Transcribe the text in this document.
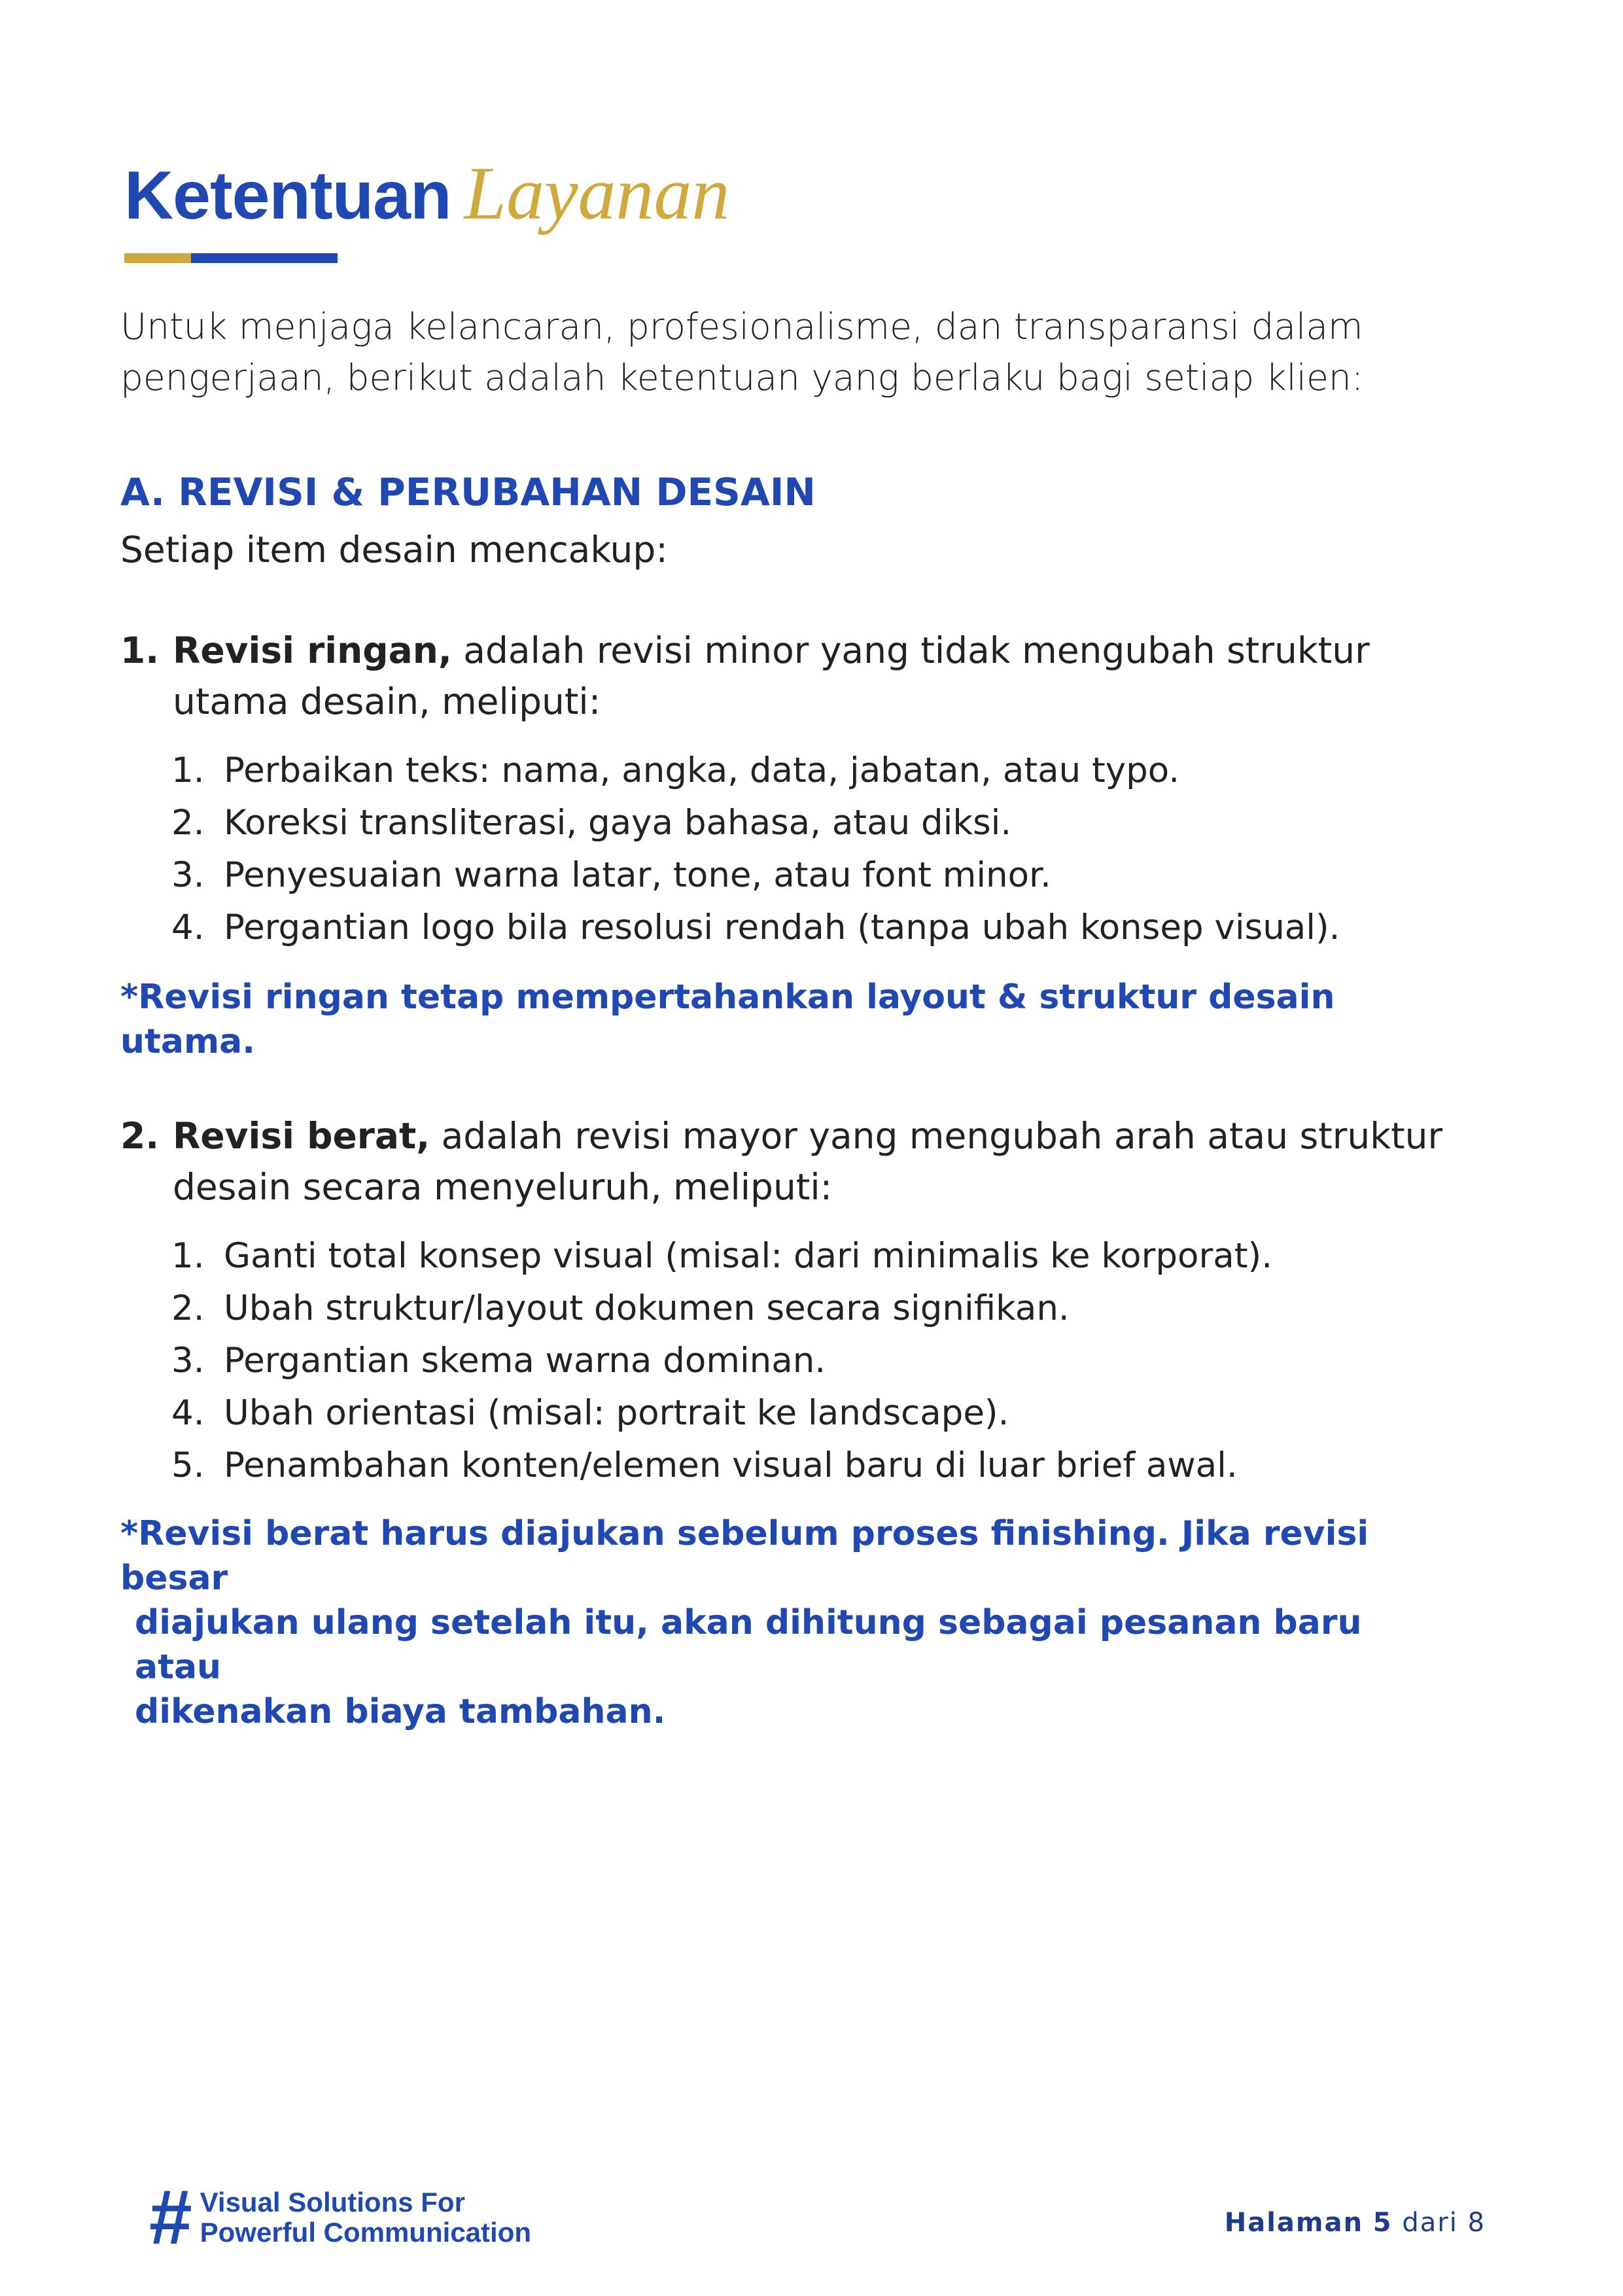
Ketentuan Layanan
Untuk menjaga kelancaran, profesionalisme, dan transparansi dalam
pengerjaan, berikut adalah ketentuan yang berlaku bagi setiap klien:
A. REVISI & PERUBAHAN DESAIN
Setiap item desain mencakup:
1. Revisi ringan, adalah revisi minor yang tidak mengubah struktur
utama desain, meliputi:
1. Perbaikan teks: nama, angka, data, jabatan, atau typo.
2. Koreksi transliterasi, gaya bahasa, atau diksi.
3. Penyesuaian warna latar, tone, atau font minor.
4. Pergantian logo bila resolusi rendah (tanpa ubah konsep visual).
*Revisi ringan tetap mempertahankan layout & struktur desain utama.
2. Revisi berat, adalah revisi mayor yang mengubah arah atau struktur
desain secara menyeluruh, meliputi:
1. Ganti total konsep visual (misal: dari minimalis ke korporat).
2. Ubah struktur/layout dokumen secara signifikan.
3. Pergantian skema warna dominan.
4. Ubah orientasi (misal: portrait ke landscape).
5. Penambahan konten/elemen visual baru di luar brief awal.
*Revisi berat harus diajukan sebelum proses finishing. Jika revisi besar
diajukan ulang setelah itu, akan dihitung sebagai pesanan baru atau
dikenakan biaya tambahan.
# Visual Solutions For
Powerful Communication	Halaman 5 dari 8
